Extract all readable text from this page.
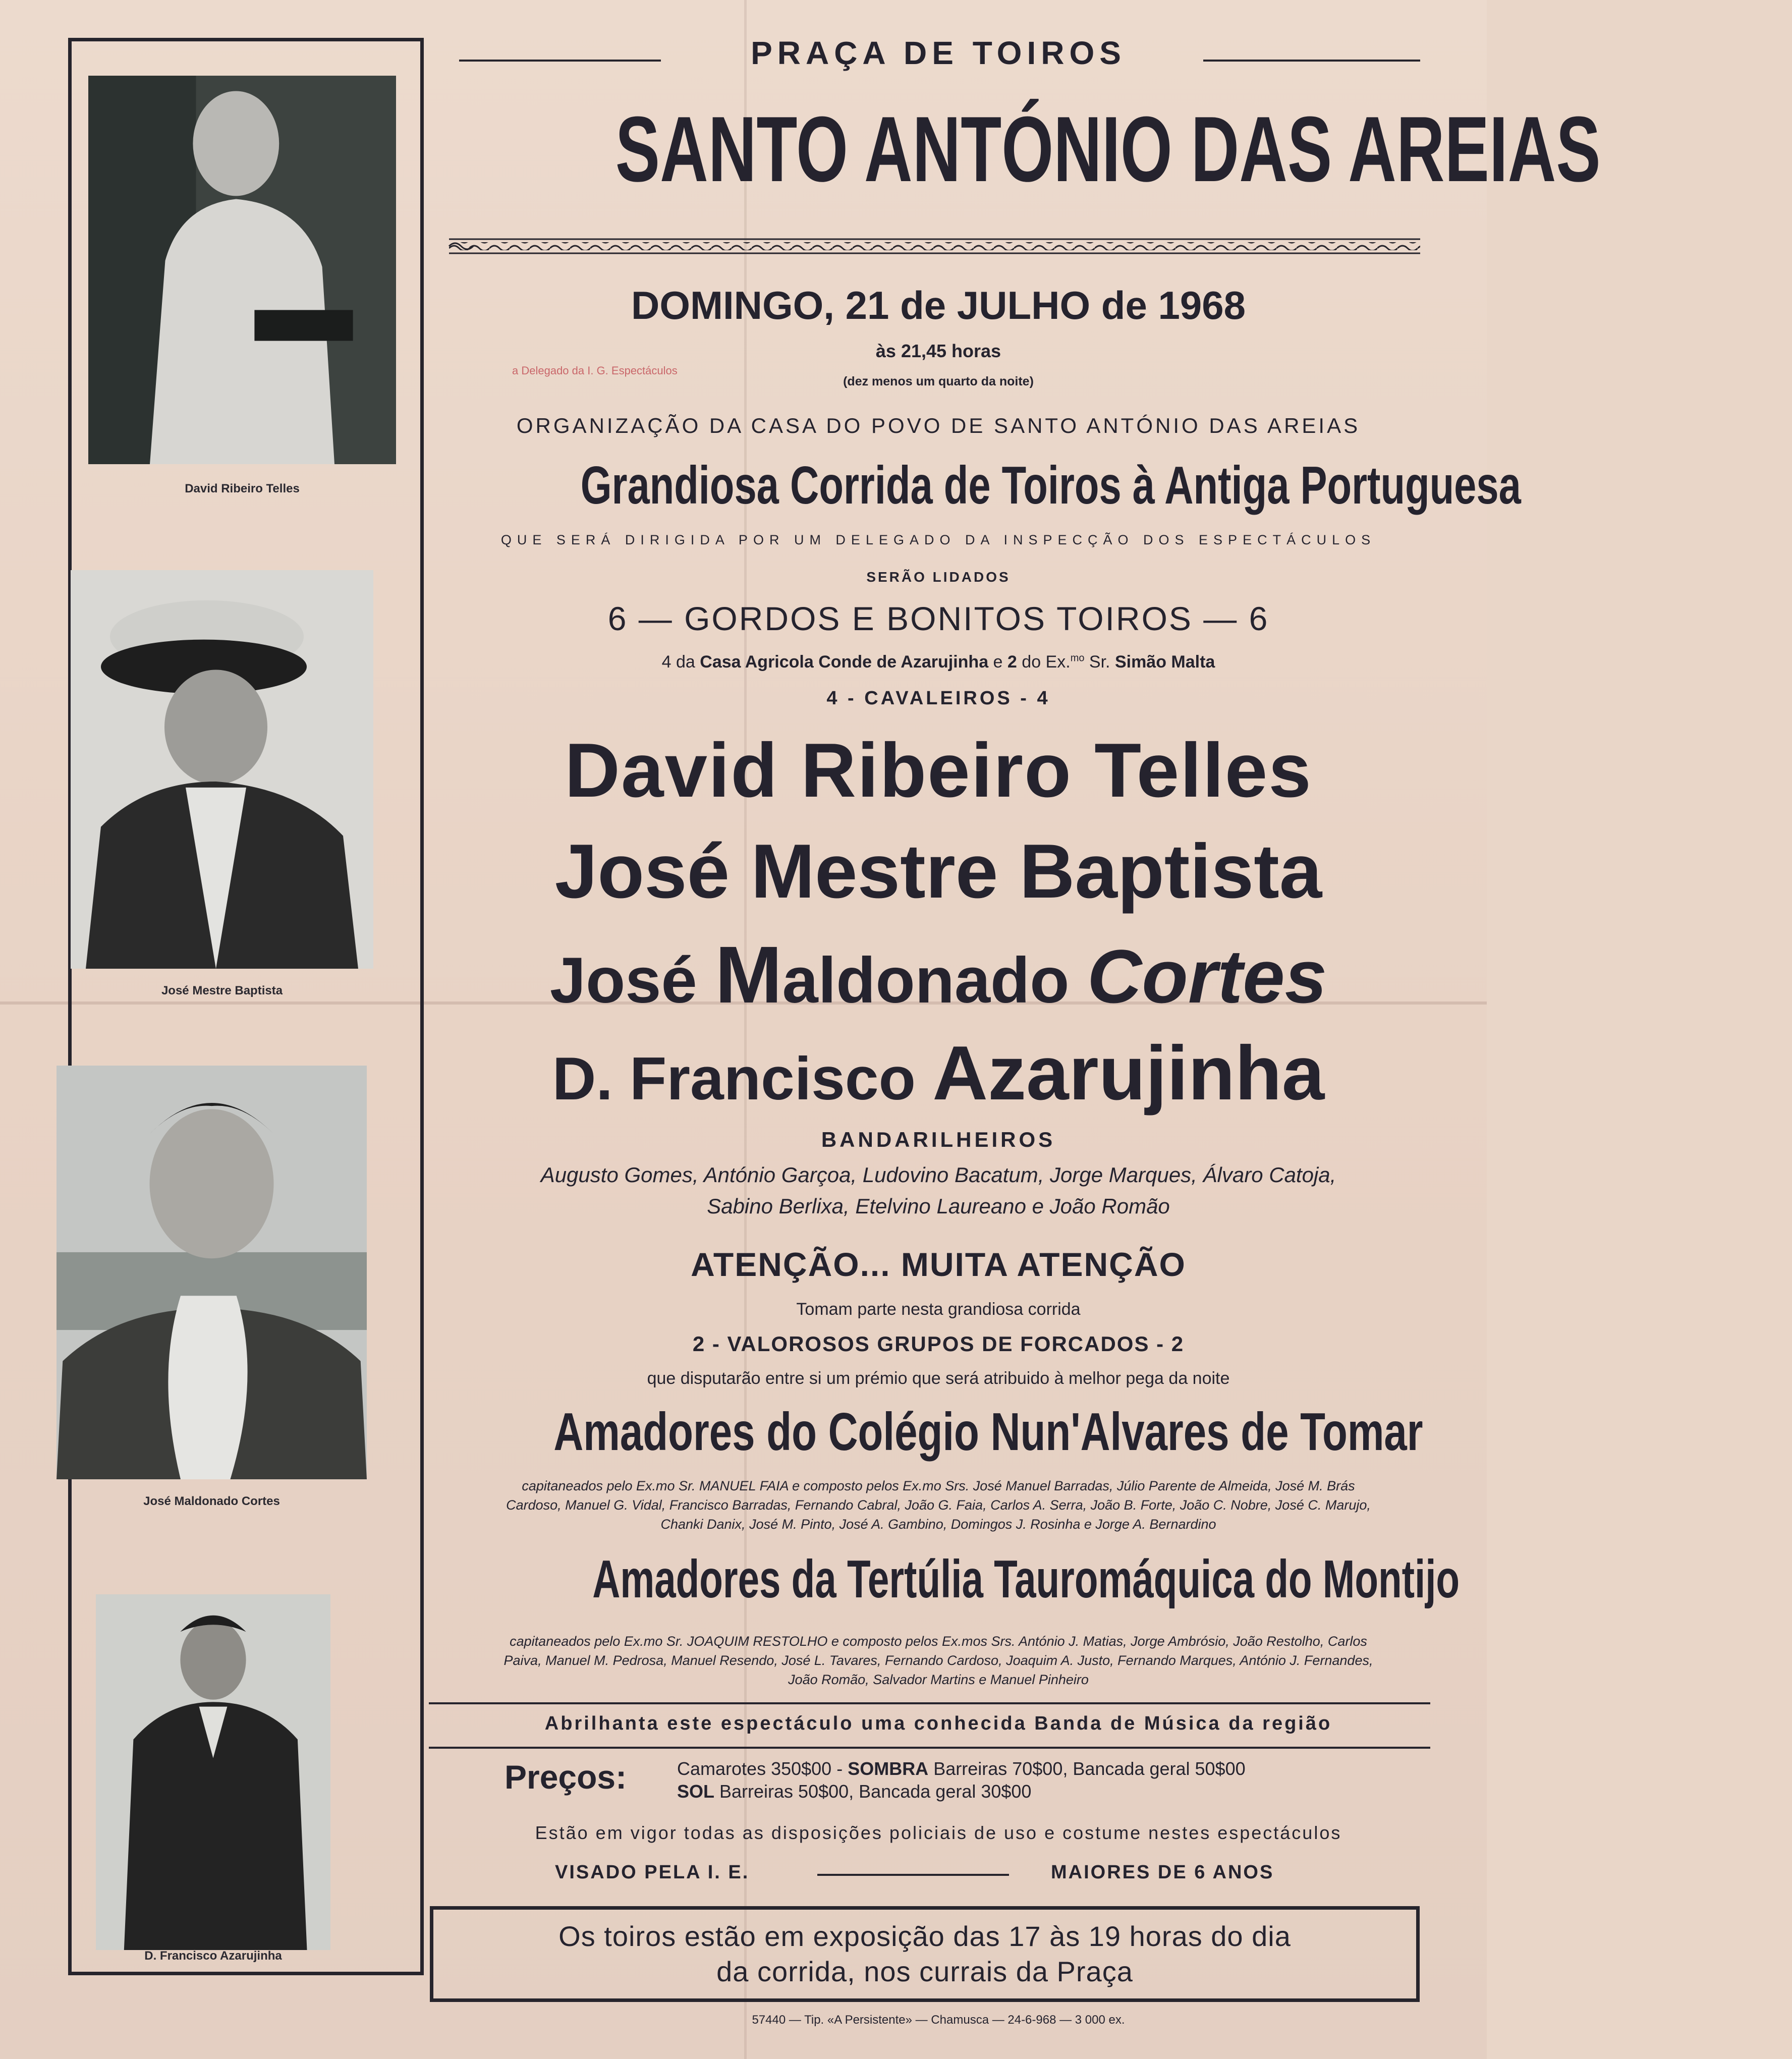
David Ribeiro Telles
José Mestre Baptista
José Maldonado Cortes
D. Francisco Azarujinha
PRAÇA DE TOIROS
SANTO ANTÓNIO DAS AREIAS
DOMINGO, 21 de JULHO de 1968
às 21,45 horas
(dez menos um quarto da noite)
a Delegado da I. G. Espectáculos
ORGANIZAÇÃO DA CASA DO POVO DE SANTO ANTÓNIO DAS AREIAS
Grandiosa Corrida de Toiros à Antiga Portuguesa
QUE SERÁ DIRIGIDA POR UM DELEGADO DA INSPECÇÃO DOS ESPECTÁCULOS
SERÃO LIDADOS
6 — GORDOS E BONITOS TOIROS — 6
4 da Casa Agricola Conde de Azarujinha e 2 do Ex.$^{mo}$ Sr. Simão Malta
4 - CAVALEIROS - 4
David Ribeiro Telles
José Mestre Baptista
José Maldonado Cortes
D. Francisco Azarujinha
BANDARILHEIROS
Augusto Gomes, António Garçoa, Ludovino Bacatum, Jorge Marques, Álvaro Catoja,
Sabino Berlixa, Etelvino Laureano e João Romão
ATENÇÃO... MUITA ATENÇÃO
Tomam parte nesta grandiosa corrida
2 - VALOROSOS GRUPOS DE FORCADOS - 2
que disputarão entre si um prémio que será atribuido à melhor pega da noite
Amadores do Colégio Nun'Alvares de Tomar
capitaneados pelo Ex.mo Sr. MANUEL FAIA e composto pelos Ex.mo Srs. José Manuel Barradas, Júlio Parente de Almeida, José M. Brás
Cardoso, Manuel G. Vidal, Francisco Barradas, Fernando Cabral, João G. Faia, Carlos A. Serra, João B. Forte, João C. Nobre, José C. Marujo,
Chanki Danix, José M. Pinto, José A. Gambino, Domingos J. Rosinha e Jorge A. Bernardino
Amadores da Tertúlia Tauromáquica do Montijo
capitaneados pelo Ex.mo Sr. JOAQUIM RESTOLHO e composto pelos Ex.mos Srs. António J. Matias, Jorge Ambrósio, João Restolho, Carlos
Paiva, Manuel M. Pedrosa, Manuel Resendo, José L. Tavares, Fernando Cardoso, Joaquim A. Justo, Fernando Marques, António J. Fernandes,
João Romão, Salvador Martins e Manuel Pinheiro
Abrilhanta este espectáculo uma conhecida Banda de Música da região
Preços:	Camarotes 350$00 - SOMBRA Barreiras 70$00, Bancada geral 50$00
SOL Barreiras 50$00, Bancada geral 30$00
Estão em vigor todas as disposições policiais de uso e costume nestes espectáculos
VISADO PELA I. E.	MAIORES DE 6 ANOS
Os toiros estão em exposição das 17 às 19 horas do dia
da corrida, nos currais da Praça
57440 — Tip. «A Persistente» — Chamusca — 24-6-968 — 3 000 ex.
